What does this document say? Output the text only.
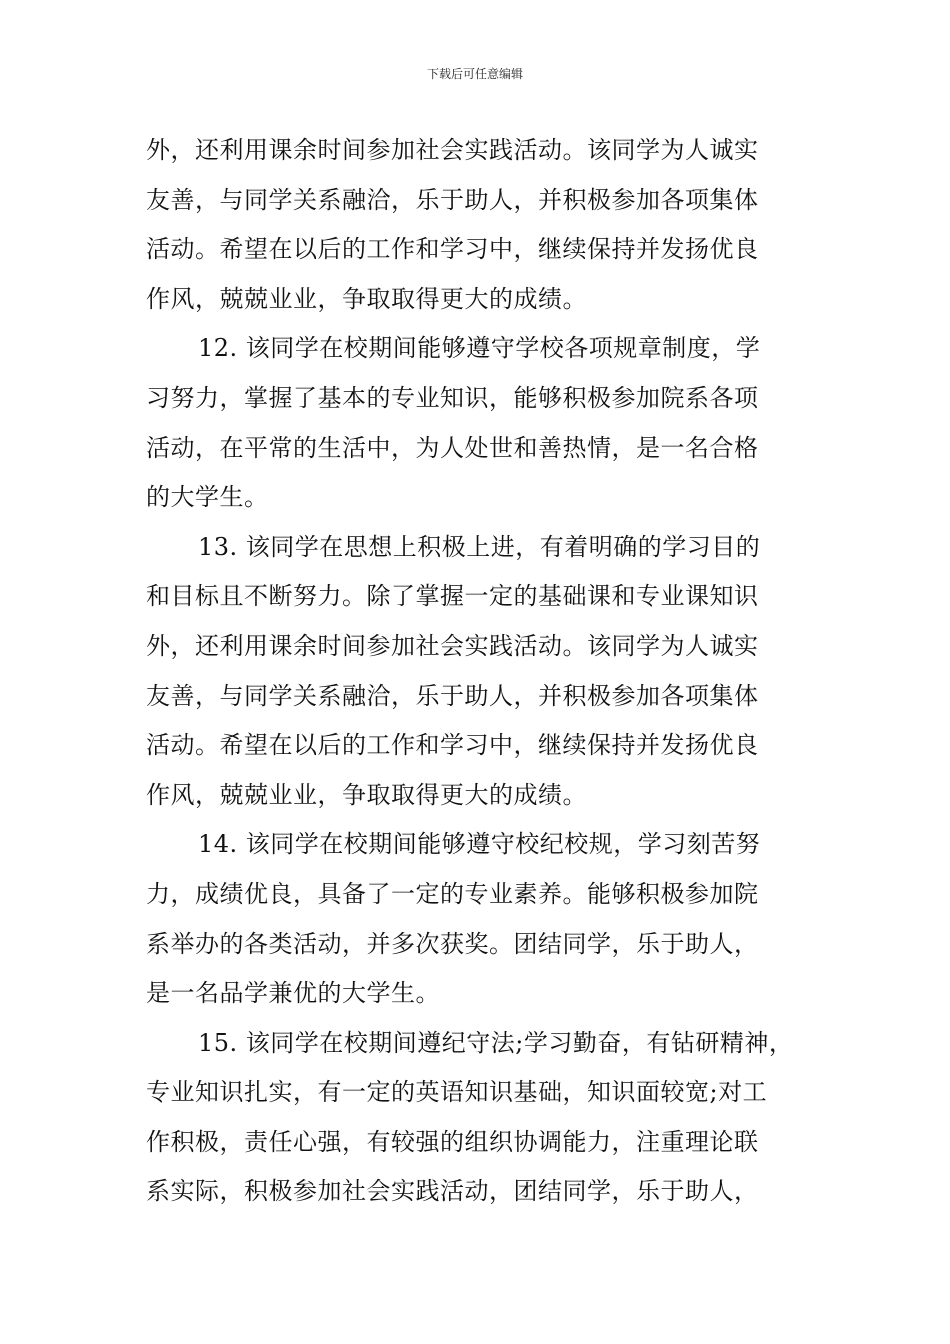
下载后可任意编辑
外，还利用课余时间参加社会实践活动。该同学为人诚实
友善，与同学关系融洽，乐于助人，并积极参加各项集体
活动。希望在以后的工作和学习中，继续保持并发扬优良
作风，兢兢业业，争取取得更大的成绩。
12. 该同学在校期间能够遵守学校各项规章制度，学
习努力，掌握了基本的专业知识，能够积极参加院系各项
活动，在平常的生活中，为人处世和善热情，是一名合格
的大学生。
13. 该同学在思想上积极上进，有着明确的学习目的
和目标且不断努力。除了掌握一定的基础课和专业课知识
外，还利用课余时间参加社会实践活动。该同学为人诚实
友善，与同学关系融洽，乐于助人，并积极参加各项集体
活动。希望在以后的工作和学习中，继续保持并发扬优良
作风，兢兢业业，争取取得更大的成绩。
14. 该同学在校期间能够遵守校纪校规，学习刻苦努
力，成绩优良，具备了一定的专业素养。能够积极参加院
系举办的各类活动，并多次获奖。团结同学，乐于助人，
是一名品学兼优的大学生。
15. 该同学在校期间遵纪守法;学习勤奋，有钻研精神，
专业知识扎实，有一定的英语知识基础，知识面较宽;对工
作积极，责任心强，有较强的组织协调能力，注重理论联
系实际，积极参加社会实践活动，团结同学，乐于助人，
